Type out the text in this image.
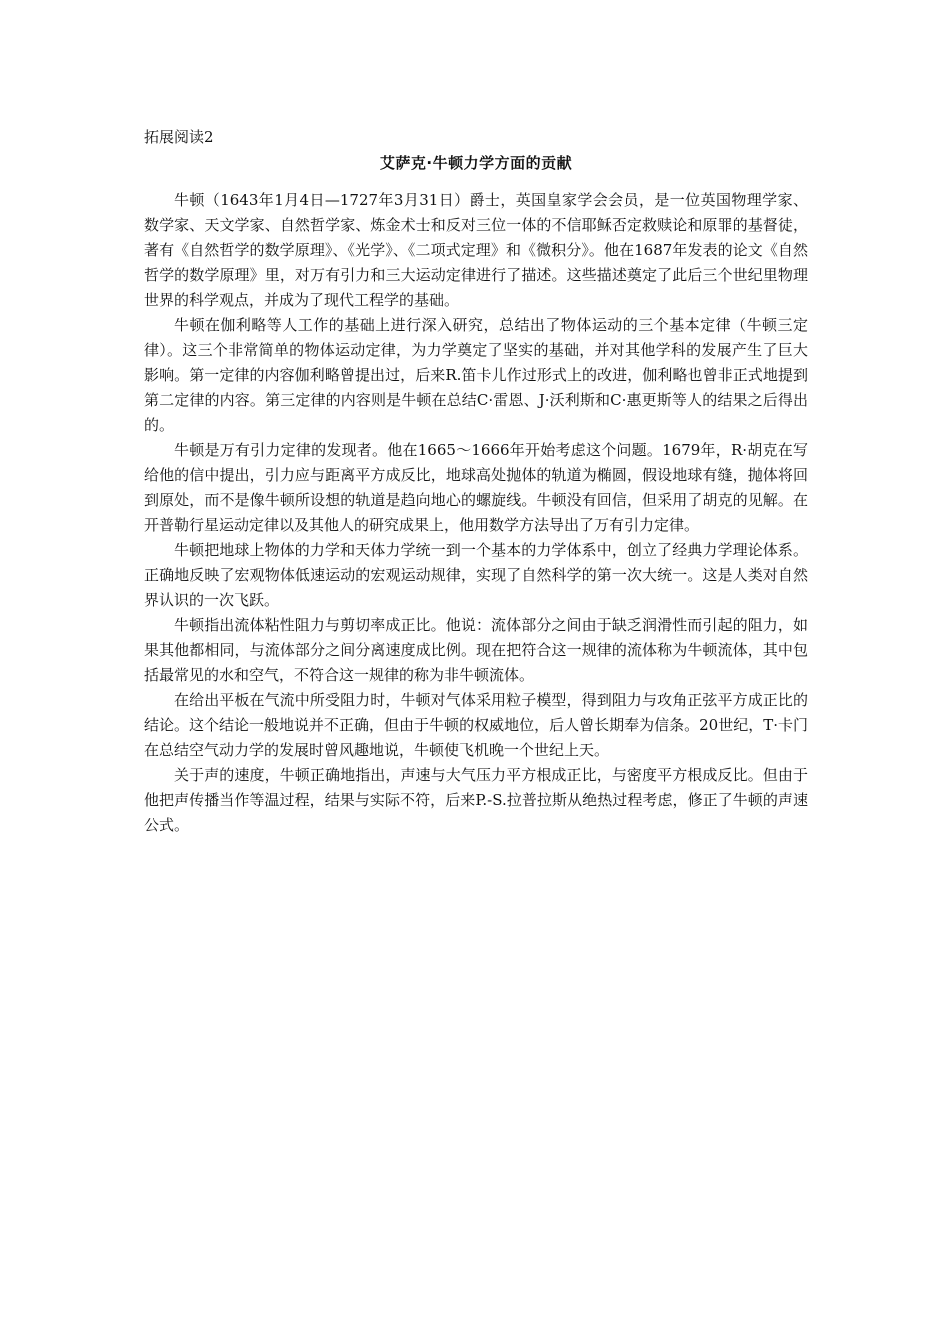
拓展阅读2

艾萨克·牛顿力学方面的贡献

牛顿（1643年1月4日—1727年3月31日）爵士，英国皇家学会会员，是一位英国物理学家、数学家、天文学家、自然哲学家、炼金术士和反对三位一体的不信耶稣否定救赎论和原罪的基督徒，著有《自然哲学的数学原理》、《光学》、《二项式定理》和《微积分》。他在1687年发表的论文《自然哲学的数学原理》里，对万有引力和三大运动定律进行了描述。这些描述奠定了此后三个世纪里物理世界的科学观点，并成为了现代工程学的基础。

牛顿在伽利略等人工作的基础上进行深入研究，总结出了物体运动的三个基本定律（牛顿三定律）。这三个非常简单的物体运动定律，为力学奠定了坚实的基础，并对其他学科的发展产生了巨大影响。第一定律的内容伽利略曾提出过，后来R.笛卡儿作过形式上的改进，伽利略也曾非正式地提到第二定律的内容。第三定律的内容则是牛顿在总结C·雷恩、J·沃利斯和C·惠更斯等人的结果之后得出的。

牛顿是万有引力定律的发现者。他在1665～1666年开始考虑这个问题。1679年，R·胡克在写给他的信中提出，引力应与距离平方成反比，地球高处抛体的轨道为椭圆，假设地球有缝，抛体将回到原处，而不是像牛顿所设想的轨道是趋向地心的螺旋线。牛顿没有回信，但采用了胡克的见解。在开普勒行星运动定律以及其他人的研究成果上，他用数学方法导出了万有引力定律。

牛顿把地球上物体的力学和天体力学统一到一个基本的力学体系中，创立了经典力学理论体系。正确地反映了宏观物体低速运动的宏观运动规律，实现了自然科学的第一次大统一。这是人类对自然界认识的一次飞跃。

牛顿指出流体粘性阻力与剪切率成正比。他说：流体部分之间由于缺乏润滑性而引起的阻力，如果其他都相同，与流体部分之间分离速度成比例。现在把符合这一规律的流体称为牛顿流体，其中包括最常见的水和空气，不符合这一规律的称为非牛顿流体。

在给出平板在气流中所受阻力时，牛顿对气体采用粒子模型，得到阻力与攻角正弦平方成正比的结论。这个结论一般地说并不正确，但由于牛顿的权威地位，后人曾长期奉为信条。20世纪，T·卡门在总结空气动力学的发展时曾风趣地说，牛顿使飞机晚一个世纪上天。

关于声的速度，牛顿正确地指出，声速与大气压力平方根成正比，与密度平方根成反比。但由于他把声传播当作等温过程，结果与实际不符，后来P.-S.拉普拉斯从绝热过程考虑，修正了牛顿的声速公式。
